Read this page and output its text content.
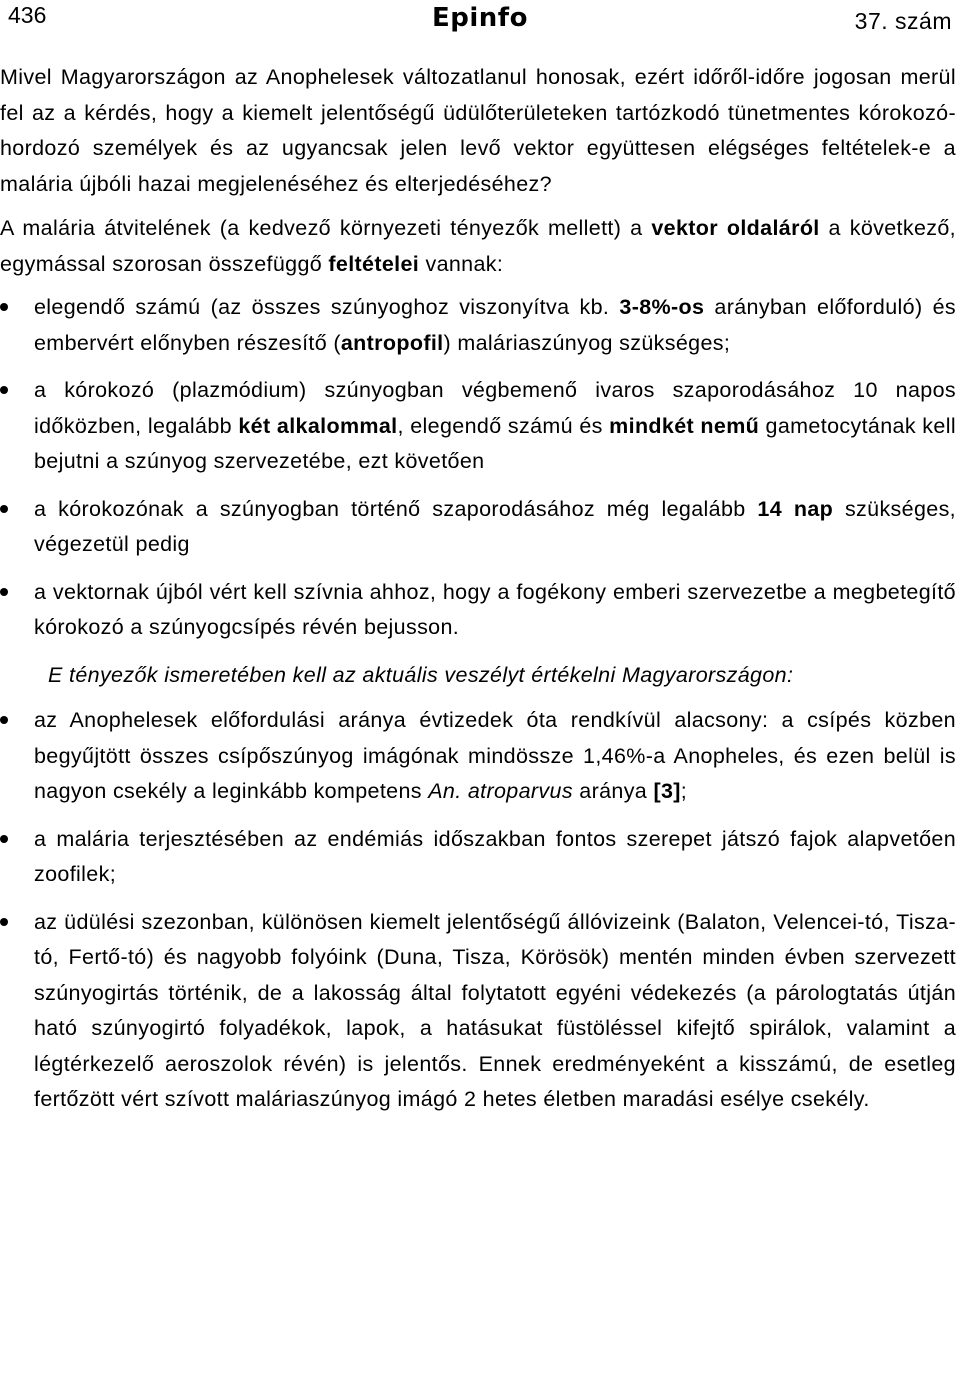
436	Epinfo	37. szám

Mivel Magyarországon az Anophelesek változatlanul honosak, ezért időről-időre jogosan merül fel az a kérdés, hogy a kiemelt jelentőségű üdülőterületeken tartózkodó tünetmentes kórokozó-hordozó személyek és az ugyancsak jelen levő vektor együttesen elégséges feltételek-e a malária újbóli hazai megjelenéséhez és elterjedéséhez?

A malária átvitelének (a kedvező környezeti tényezők mellett) a vektor oldaláról a következő, egymással szorosan összefüggő feltételei vannak:

elegendő számú (az összes szúnyoghoz viszonyítva kb. 3-8%-os arányban előforduló) és embervért előnyben részesítő (antropofil) maláriaszúnyog szükséges;
a kórokozó (plazmódium) szúnyogban végbemenő ivaros szaporodásához 10 napos időközben, legalább két alkalommal, elegendő számú és mindkét nemű gametocytának kell bejutni a szúnyog szervezetébe, ezt követően
a kórokozónak a szúnyogban történő szaporodásához még legalább 14 nap szükséges, végezetül pedig
a vektornak újból vért kell szívnia ahhoz, hogy a fogékony emberi szervezetbe a megbetegítő kórokozó a szúnyogcsípés révén bejusson.

E tényezők ismeretében kell az aktuális veszélyt értékelni Magyarországon:

az Anophelesek előfordulási aránya évtizedek óta rendkívül alacsony: a csípés közben begyűjtött összes csípőszúnyog imágónak mindössze 1,46%-a Anopheles, és ezen belül is nagyon csekély a leginkább kompetens An. atroparvus aránya [3];
a malária terjesztésében az endémiás időszakban fontos szerepet játszó fajok alapvetően zoofilek;
az üdülési szezonban, különösen kiemelt jelentőségű állóvizeink (Balaton, Velencei-tó, Tisza-tó, Fertő-tó) és nagyobb folyóink (Duna, Tisza, Körösök) mentén minden évben szervezett szúnyogirtás történik, de a lakosság által folytatott egyéni védekezés (a párologtatás útján ható szúnyogirtó folyadékok, lapok, a hatásukat füstöléssel kifejtő spirálok, valamint a légtérkezelő aeroszolok révén) is jelentős. Ennek eredményeként a kisszámú, de esetleg fertőzött vért szívott maláriaszúnyog imágó 2 hetes életben maradási esélye csekély.
